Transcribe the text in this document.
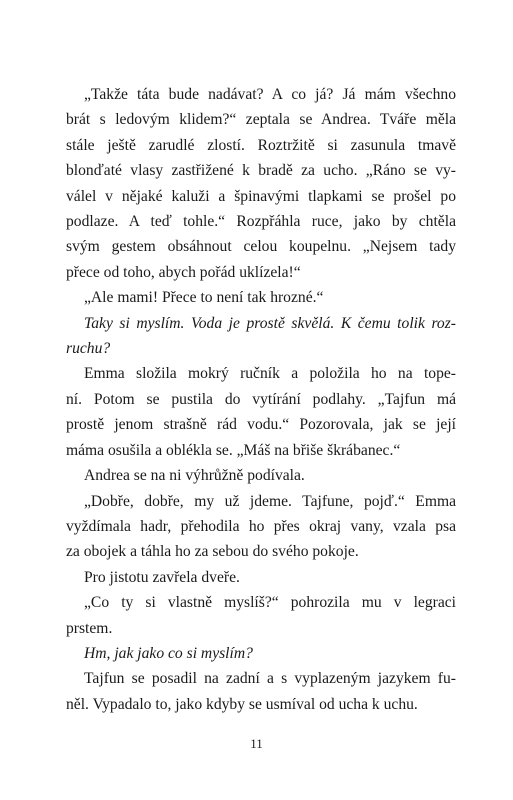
„Takže táta bude nadávat? A co já? Já mám všechno
brát s ledovým klidem?“ zeptala se Andrea. Tváře měla
stále ještě zarudlé zlostí. Roztržitě si zasunula tmavě
blonďaté vlasy zastřižené k bradě za ucho. „Ráno se vy-
válel v nějaké kaluži a špinavými tlapkami se prošel po
podlaze. A teď tohle.“ Rozpřáhla ruce, jako by chtěla
svým gestem obsáhnout celou koupelnu. „Nejsem tady
přece od toho, abych pořád uklízela!“
„Ale mami! Přece to není tak hrozné.“
Taky si myslím. Voda je prostě skvělá. K čemu tolik roz-
ruchu?
Emma složila mokrý ručník a položila ho na tope-
ní. Potom se pustila do vytírání podlahy. „Tajfun má
prostě jenom strašně rád vodu.“ Pozorovala, jak se její
máma osušila a oblékla se. „Máš na břiše škrábanec.“
Andrea se na ni výhrůžně podívala.
„Dobře, dobře, my už jdeme. Tajfune, pojď.“ Emma
vyždímala hadr, přehodila ho přes okraj vany, vzala psa
za obojek a táhla ho za sebou do svého pokoje.
Pro jistotu zavřela dveře.
„Co ty si vlastně myslíš?“ pohrozila mu v legraci
prstem.
Hm, jak jako co si myslím?
Tajfun se posadil na zadní a s vyplazeným jazykem fu-
něl. Vypadalo to, jako kdyby se usmíval od ucha k uchu.
11
